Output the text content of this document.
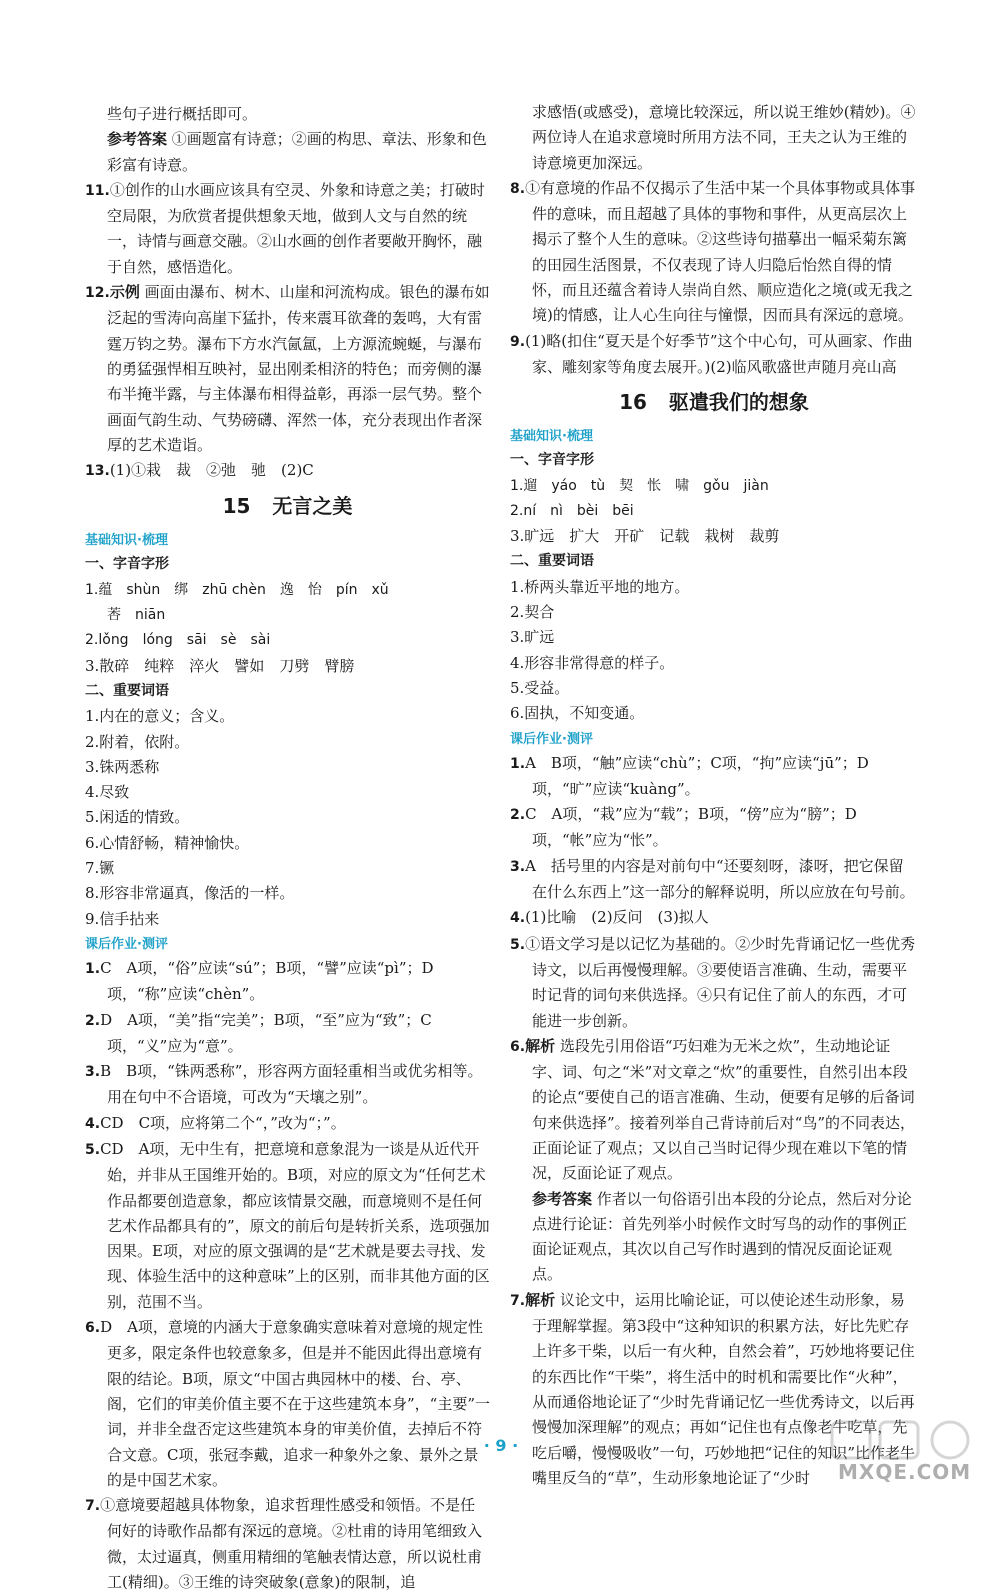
些句子进行概括即可。

参考答案 ①画题富有诗意；②画的构思、章法、形象和色彩富有诗意。

11.①创作的山水画应该具有空灵、外象和诗意之美；打破时空局限，为欣赏者提供想象天地，做到人文与自然的统一，诗情与画意交融。②山水画的创作者要敞开胸怀，融于自然，感悟造化。

12.示例 画面由瀑布、树木、山崖和河流构成。银色的瀑布如泛起的雪涛向高崖下猛扑，传来震耳欲聋的轰鸣，大有雷霆万钧之势。瀑布下方水汽氤氲，上方源流蜿蜒，与瀑布的勇猛强悍相互映衬，显出刚柔相济的特色；而旁侧的瀑布半掩半露，与主体瀑布相得益彰，再添一层气势。整个画面气韵生动、气势磅礴、浑然一体，充分表现出作者深厚的艺术造诣。

13.(1)①栽　裁　②弛　驰　(2)C

15 无言之美

基础知识·梳理

一、字音字形

1.蕴　shùn　绑　zhū chèn　逸　怡　pín　xǔ

莕　niān

2.lǒng　lóng　sāi　sè　sài

3.散碎　纯粹　淬火　譬如　刀劈　臂膀

二、重要词语

1.内在的意义；含义。

2.附着，依附。

3.铢两悉称

4.尽致

5.闲适的情致。

6.心情舒畅，精神愉快。

7.镢

8.形容非常逼真，像活的一样。

9.信手拈来

课后作业·测评

1.C　A项，“俗”应读“sú”；B项，“譬”应读“pì”；D项，“称”应读“chèn”。

2.D　A项，“美”指“完美”；B项，“至”应为“致”；C项，“义”应为“意”。

3.B　B项，“铢两悉称”，形容两方面轻重相当或优劣相等。用在句中不合语境，可改为“天壤之别”。

4.CD　C项，应将第二个“，”改为“；”。

5.CD　A项，无中生有，把意境和意象混为一谈是从近代开始，并非从王国维开始的。B项，对应的原文为“任何艺术作品都要创造意象，都应该情景交融，而意境则不是任何艺术作品都具有的”，原文的前后句是转折关系，选项强加因果。E项，对应的原文强调的是“艺术就是要去寻找、发现、体验生活中的这种意味”上的区别，而非其他方面的区别，范围不当。

6.D　A项，意境的内涵大于意象确实意味着对意境的规定性更多，限定条件也较意象多，但是并不能因此得出意境有限的结论。B项，原文“中国古典园林中的楼、台、亭、阁，它们的审美价值主要不在于这些建筑本身”，“主要”一词，并非全盘否定这些建筑本身的审美价值，去掉后不符合文意。C项，张冠李戴，追求一种象外之象、景外之景的是中国艺术家。

7.①意境要超越具体物象，追求哲理性感受和领悟。不是任何好的诗歌作品都有深远的意境。②杜甫的诗用笔细致入微，太过逼真，侧重用精细的笔触表情达意，所以说杜甫工(精细)。③王维的诗突破象(意象)的限制，追

求感悟(或感受)，意境比较深远，所以说王维妙(精妙)。④两位诗人在追求意境时所用方法不同，王夫之认为王维的诗意境更加深远。

8.①有意境的作品不仅揭示了生活中某一个具体事物或具体事件的意味，而且超越了具体的事物和事件，从更高层次上揭示了整个人生的意味。②这些诗句描摹出一幅采菊东篱的田园生活图景，不仅表现了诗人归隐后怡然自得的情怀，而且还蕴含着诗人崇尚自然、顺应造化之境(或无我之境)的情感，让人心生向往与憧憬，因而具有深远的意境。

9.(1)略(扣住“夏天是个好季节”这个中心句，可从画家、作曲家、雕刻家等角度去展开。)(2)临风歌盛世声随月亮山高

16 驱遣我们的想象

基础知识·梳理

一、字音字形

1.遛　yáo　tù　契　怅　啸　gǒu　jiàn

2.ní　nì　bèi　bēi

3.旷远　扩大　开矿　记载　栽树　裁剪

二、重要词语

1.桥两头靠近平地的地方。

2.契合

3.旷远

4.形容非常得意的样子。

5.受益。

6.固执，不知变通。

课后作业·测评

1.A　B项，“触”应读“chù”；C项，“拘”应读“jū”；D项，“旷”应读“kuàng”。

2.C　A项，“栽”应为“载”；B项，“傍”应为“膀”；D项，“帐”应为“怅”。

3.A　括号里的内容是对前句中“还要刻呀，漆呀，把它保留在什么东西上”这一部分的解释说明，所以应放在句号前。

4.(1)比喻　(2)反问　(3)拟人

5.①语文学习是以记忆为基础的。②少时先背诵记忆一些优秀诗文，以后再慢慢理解。③要使语言准确、生动，需要平时记背的词句来供选择。④只有记住了前人的东西，才可能进一步创新。

6.解析 选段先引用俗语“巧妇难为无米之炊”，生动地论证字、词、句之“米”对文章之“炊”的重要性，自然引出本段的论点“要使自己的语言准确、生动，便要有足够的后备词句来供选择”。接着列举自己背诗前后对“鸟”的不同表达，正面论证了观点；又以自己当时记得少现在难以下笔的情况，反面论证了观点。

参考答案 作者以一句俗语引出本段的分论点，然后对分论点进行论证：首先列举小时候作文时写鸟的动作的事例正面论证观点，其次以自己写作时遇到的情况反面论证观点。

7.解析 议论文中，运用比喻论证，可以使论述生动形象，易于理解掌握。第3段中“这种知识的积累方法，好比先贮存上许多干柴，以后一有火种，自然会着”，巧妙地将要记住的东西比作“干柴”，将生活中的时机和需要比作“火种”，从而通俗地论证了“少时先背诵记忆一些优秀诗文，以后再慢慢加深理解”的观点；再如“记住也有点像老牛吃草，先吃后嚼，慢慢吸收”一句，巧妙地把“记住的知识”比作老牛嘴里反刍的“草”，生动形象地论证了“少时

· 9 ·
MXQE.COM
